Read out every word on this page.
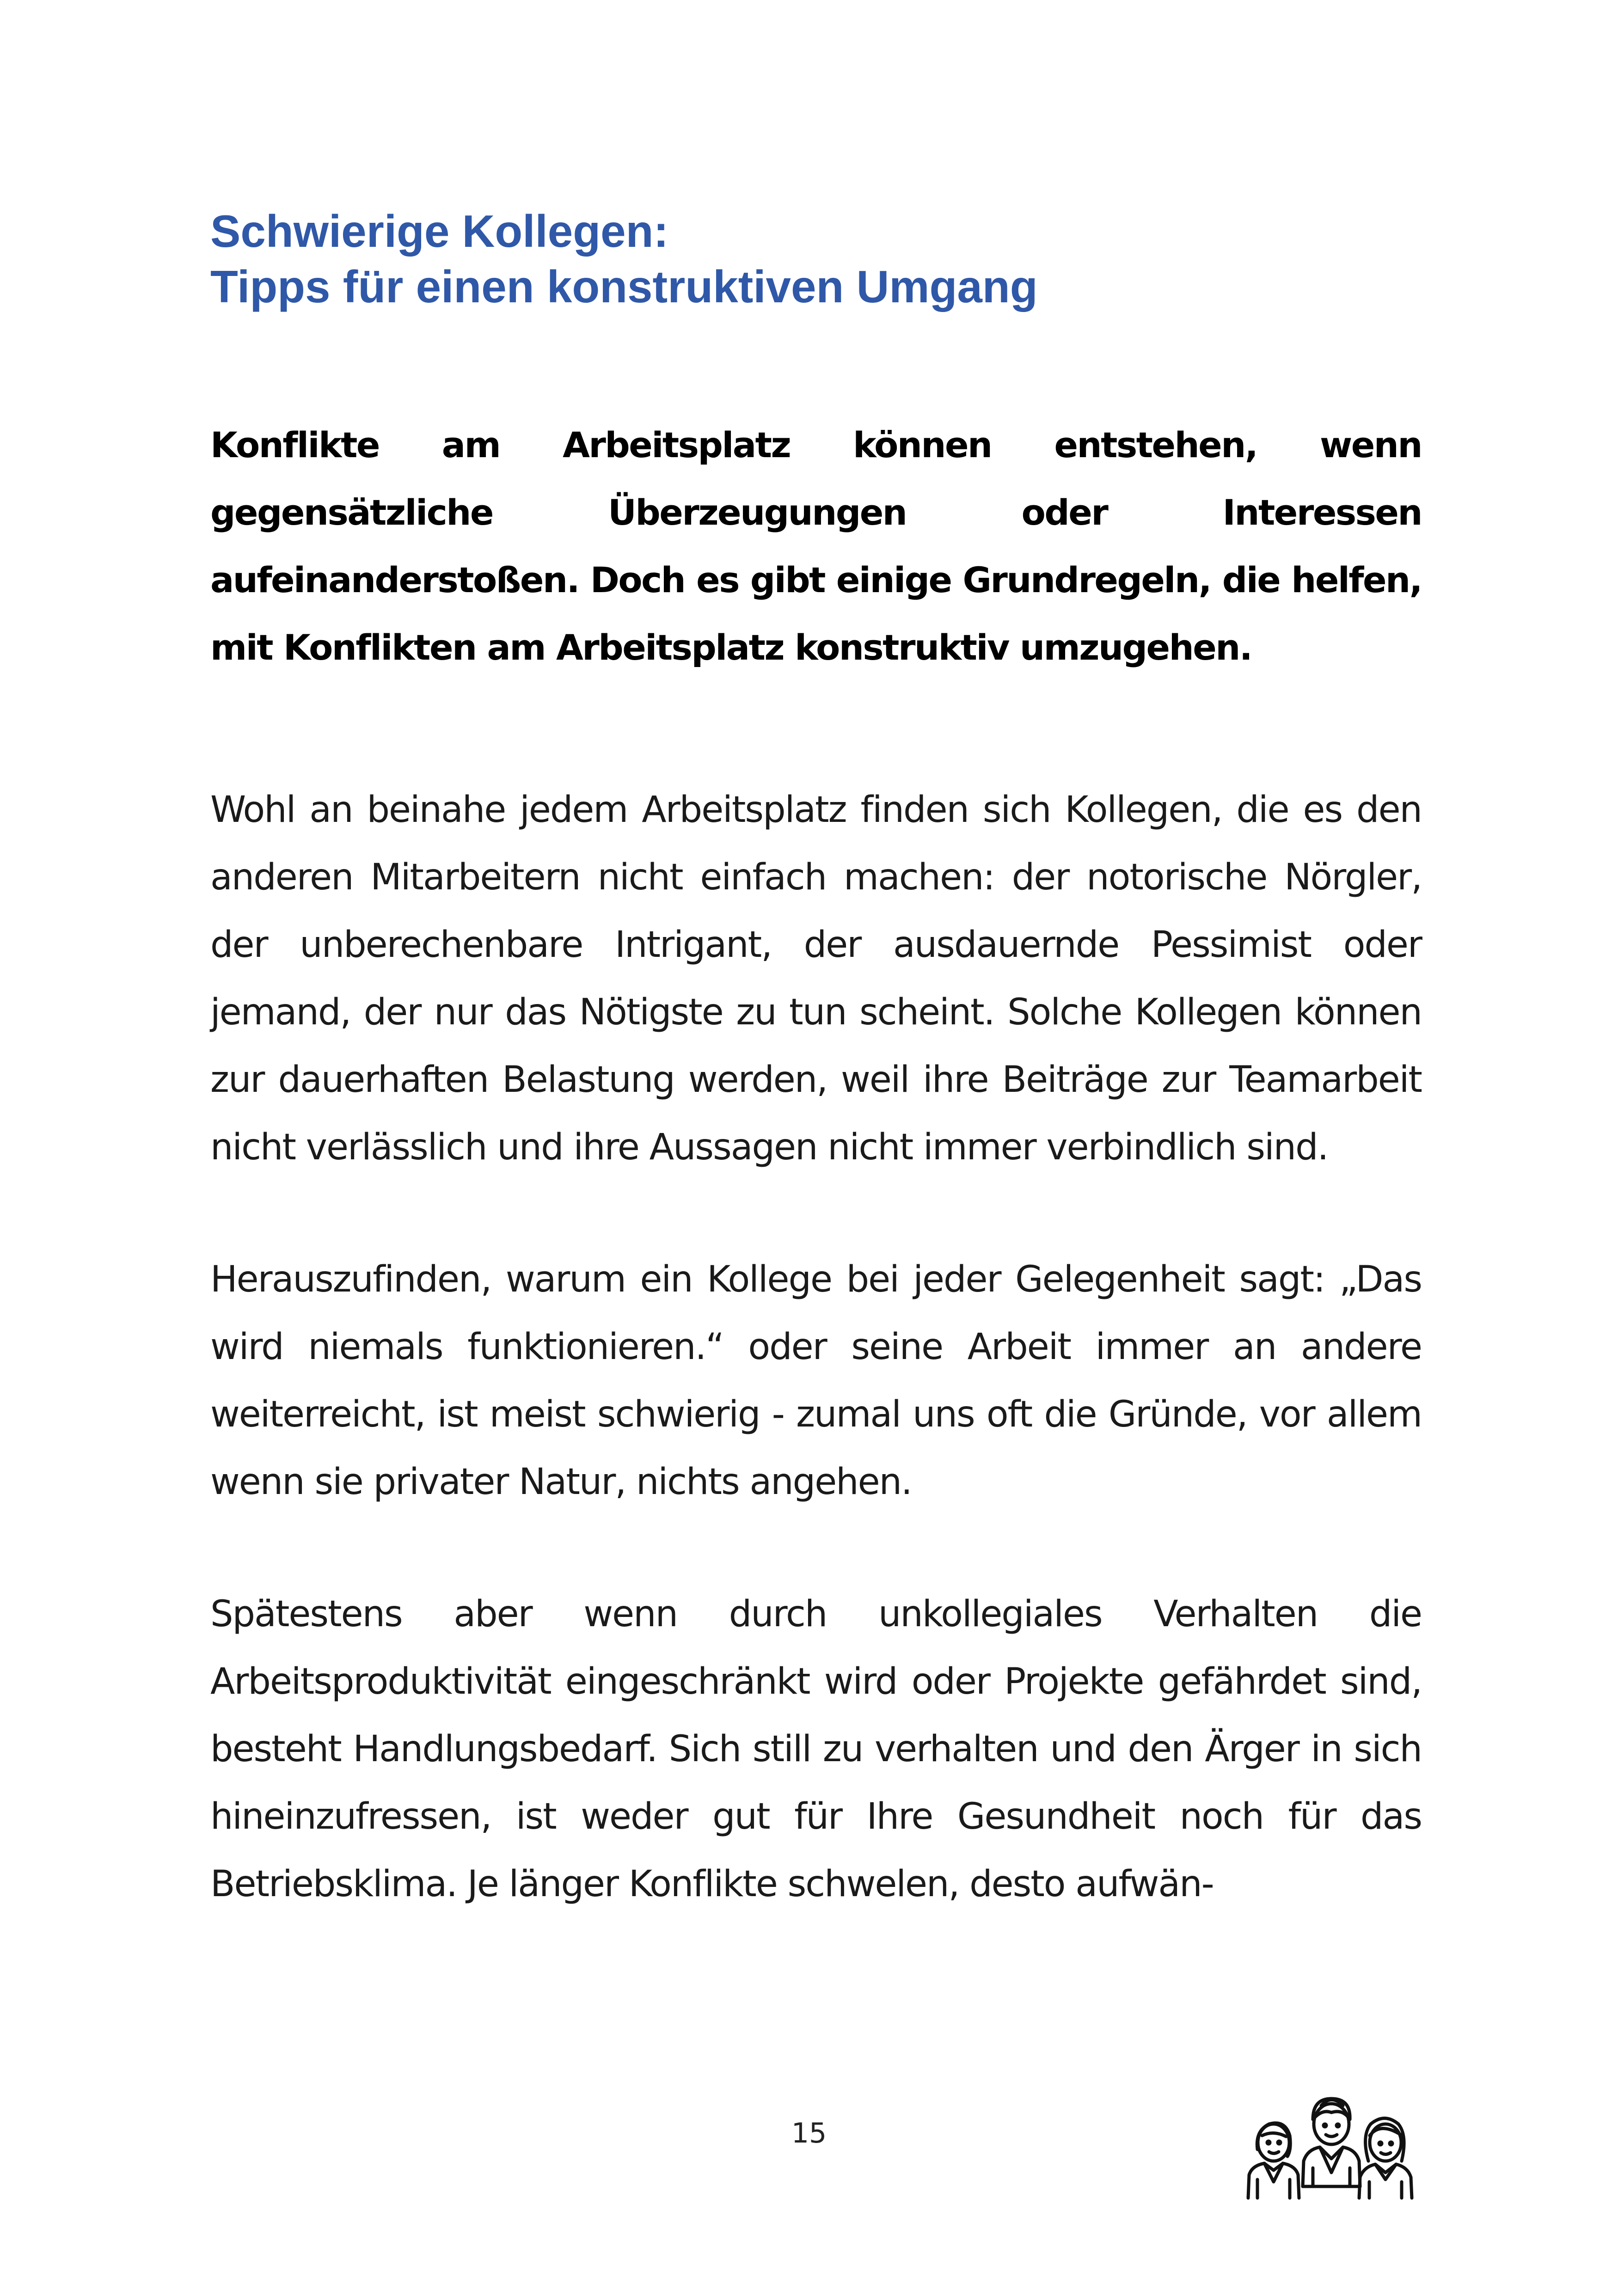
Schwierige Kollegen:
Tipps für einen konstruktiven Umgang

Konflikte am Arbeitsplatz können entstehen, wenn gegensätzliche Überzeugungen oder Interessen aufeinanderstoßen. Doch es gibt einige Grundregeln, die helfen, mit Konflikten am Arbeitsplatz konstruktiv umzugehen.

Wohl an beinahe jedem Arbeitsplatz finden sich Kollegen, die es den anderen Mitarbeitern nicht einfach machen: der notorische Nörgler, der unberechenbare Intrigant, der ausdauernde Pessimist oder jemand, der nur das Nötigste zu tun scheint. Solche Kollegen können zur dauerhaften Belastung werden, weil ihre Beiträge zur Teamarbeit nicht verlässlich und ihre Aussagen nicht immer verbindlich sind.

Herauszufinden, warum ein Kollege bei jeder Gelegenheit sagt: „Das wird niemals funktionieren.“ oder seine Arbeit immer an andere weiterreicht, ist meist schwierig - zumal uns oft die Gründe, vor allem wenn sie privater Natur, nichts angehen.

Spätestens aber wenn durch unkollegiales Verhalten die Arbeitsproduktivität eingeschränkt wird oder Projekte gefährdet sind, besteht Handlungsbedarf. Sich still zu verhalten und den Ärger in sich hineinzufressen, ist weder gut für Ihre Gesundheit noch für das Betriebsklima. Je länger Konflikte schwelen, desto aufwän-

15
